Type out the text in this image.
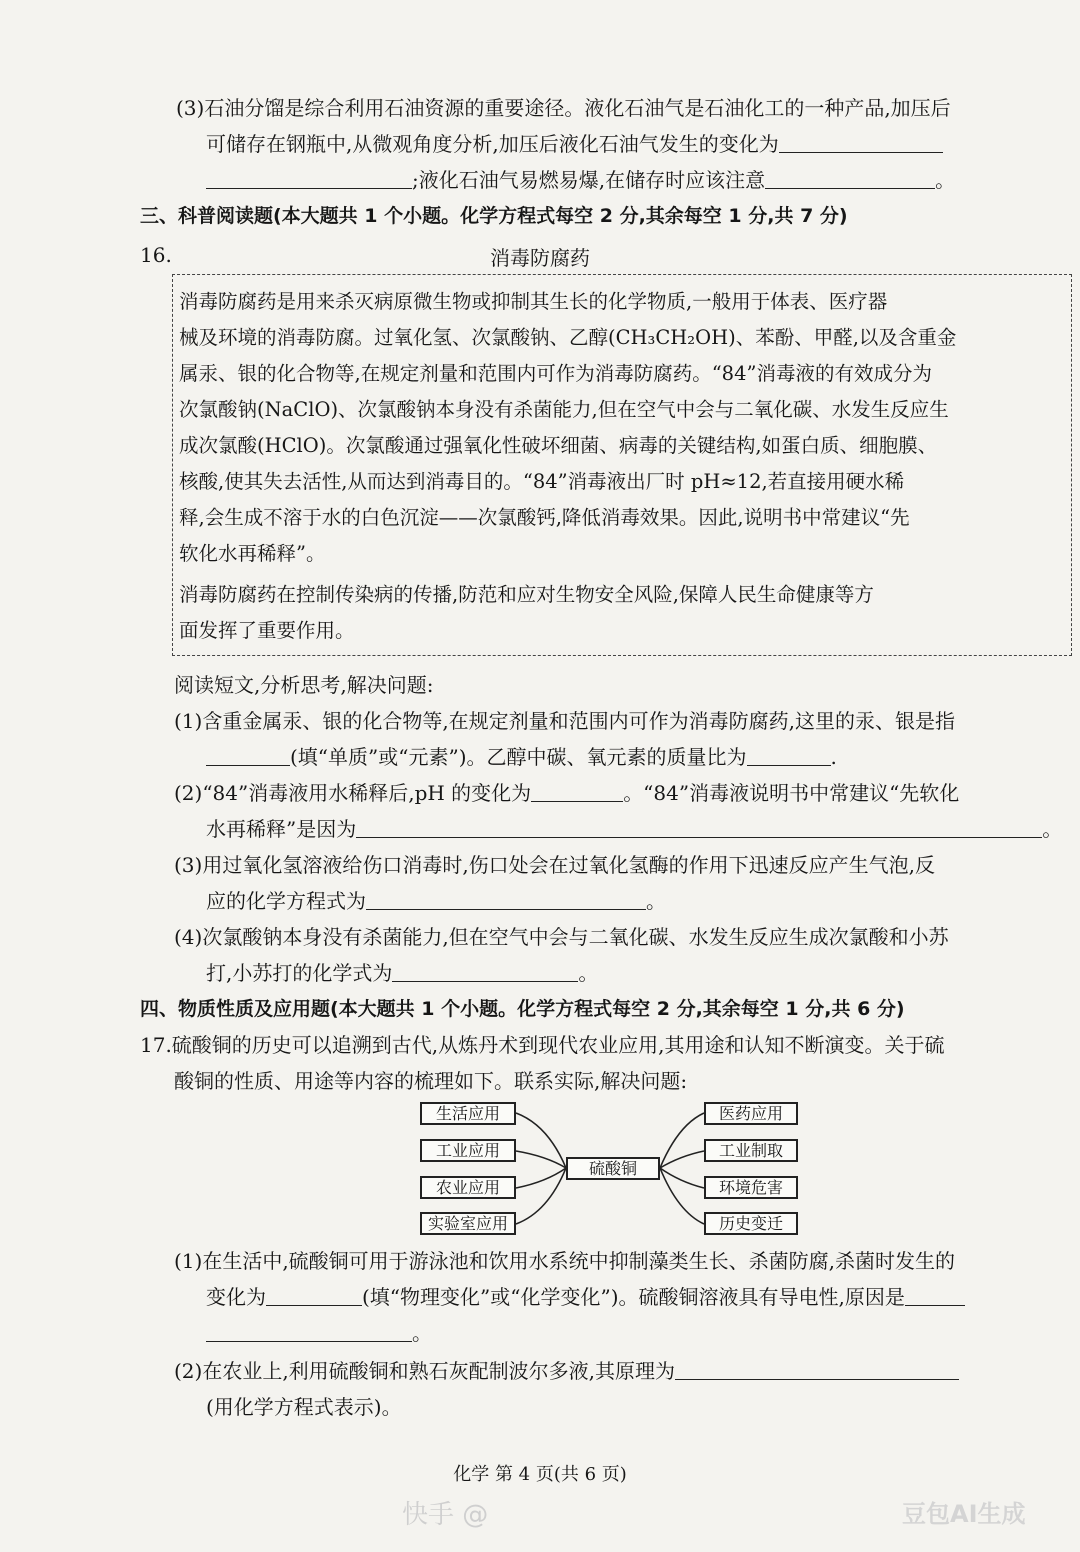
(3)石油分馏是综合利用石油资源的重要途径。液化石油气是石油化工的一种产品,加压后
可储存在钢瓶中,从微观角度分析,加压后液化石油气发生的变化为
;液化石油气易燃易爆,在储存时应该注意	。
三、科普阅读题(本大题共 1 个小题。化学方程式每空 2 分,其余每空 1 分,共 7 分)
16.	消毒防腐药
消毒防腐药是用来杀灭病原微生物或抑制其生长的化学物质,一般用于体表、医疗器
械及环境的消毒防腐。过氧化氢、次氯酸钠、乙醇(CH₃CH₂OH)、苯酚、甲醛,以及含重金
属汞、银的化合物等,在规定剂量和范围内可作为消毒防腐药。“84”消毒液的有效成分为
次氯酸钠(NaClO)、次氯酸钠本身没有杀菌能力,但在空气中会与二氧化碳、水发生反应生
成次氯酸(HClO)。次氯酸通过强氧化性破坏细菌、病毒的关键结构,如蛋白质、细胞膜、
核酸,使其失去活性,从而达到消毒目的。“84”消毒液出厂时 pH≈12,若直接用硬水稀
释,会生成不溶于水的白色沉淀——次氯酸钙,降低消毒效果。因此,说明书中常建议“先
软化水再稀释”。
消毒防腐药在控制传染病的传播,防范和应对生物安全风险,保障人民生命健康等方
面发挥了重要作用。
阅读短文,分析思考,解决问题:
(1)含重金属汞、银的化合物等,在规定剂量和范围内可作为消毒防腐药,这里的汞、银是指
(填“单质”或“元素”)。乙醇中碳、氧元素的质量比为	.
(2)“84”消毒液用水稀释后,pH 的变化为	。“84”消毒液说明书中常建议“先软化
水再稀释”是因为	。
(3)用过氧化氢溶液给伤口消毒时,伤口处会在过氧化氢酶的作用下迅速反应产生气泡,反
应的化学方程式为	。
(4)次氯酸钠本身没有杀菌能力,但在空气中会与二氧化碳、水发生反应生成次氯酸和小苏
打,小苏打的化学式为	。
四、物质性质及应用题(本大题共 1 个小题。化学方程式每空 2 分,其余每空 1 分,共 6 分)
17.硫酸铜的历史可以追溯到古代,从炼丹术到现代农业应用,其用途和认知不断演变。关于硫
酸铜的性质、用途等内容的梳理如下。联系实际,解决问题:
生活应用
工业应用
农业应用
实验室应用
硫酸铜
医药应用
工业制取
环境危害
历史变迁
(1)在生活中,硫酸铜可用于游泳池和饮用水系统中抑制藻类生长、杀菌防腐,杀菌时发生的
变化为	(填“物理变化”或“化学变化”)。硫酸铜溶液具有导电性,原因是
。
(2)在农业上,利用硫酸铜和熟石灰配制波尔多液,其原理为
(用化学方程式表示)。
化学 第 4 页(共 6 页)
快手 @	豆包AI生成
